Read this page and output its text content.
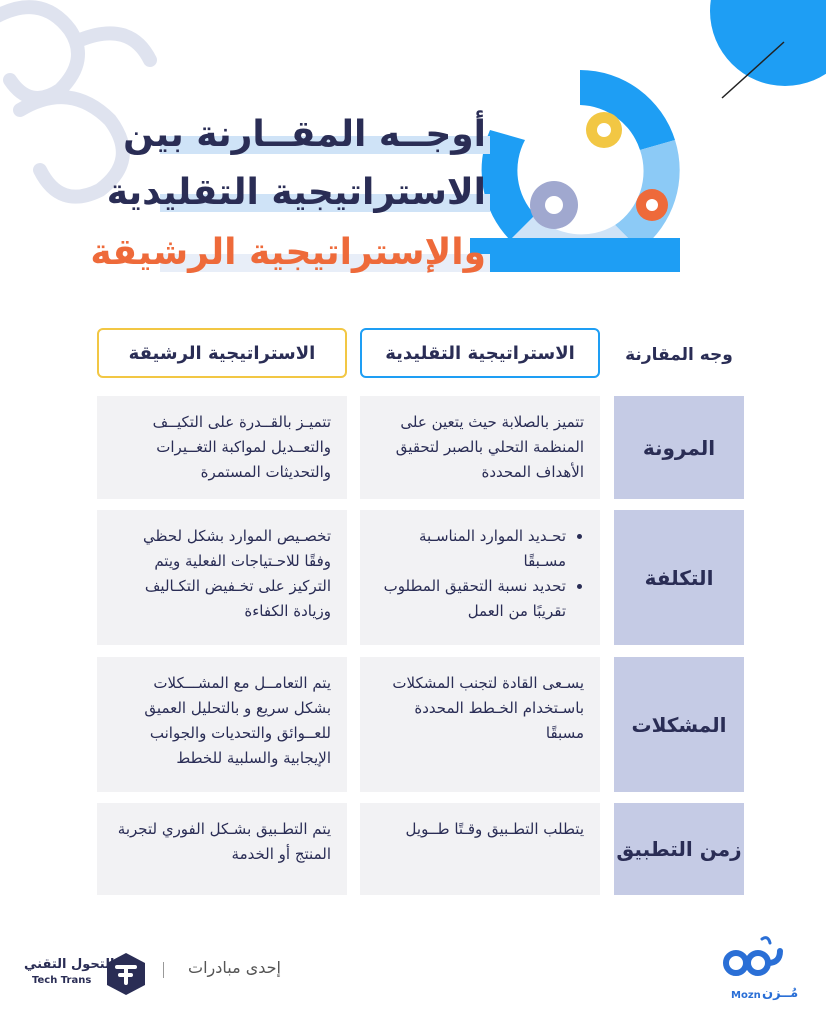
أوجــه المقــارنة بين
الاستراتيجية التقليدية
والإستراتيجية الرشيقة
وجه المقارنة
الاستراتيجية التقليدية
الاستراتيجية الرشيقة
المرونة
تتميز بالصلابة حيث يتعين على المنظمة التحلي بالصبر لتحقيق الأهداف المحددة
تتميـز بالقــدرة على التكيــف والتعــديل لمواكبة التغــيرات والتحديثات المستمرة
التكلفة
• تحـديد الموارد المناسـبة مسـبقًا
• تحديد نسبة التحقيق المطلوب تقريبًا من العمل
تخصـيص الموارد بشكل لحظي وفقًا للاحـتياجات الفعلية ويتم التركيز على تخـفيض التكـاليف وزيادة الكفاءة
المشكلات
يسـعى القادة لتجنب المشكلات باسـتخدام الخـطط المحددة مسبقًا
يتم التعامــل مع المشـــكلات بشكل سريع و بالتحليل العميق للعــوائق والتحديات والجوانب الإيجابية والسلبية للخطط
زمن التطبيق
يتطلب التطـبيق وقـتًا طــويل
يتم التطـبيق بشـكل الفوري لتجربة المنتج أو الخدمة
Mozn مُــزن
إحدى مبادرات
التحول التقني
Tech Trans
